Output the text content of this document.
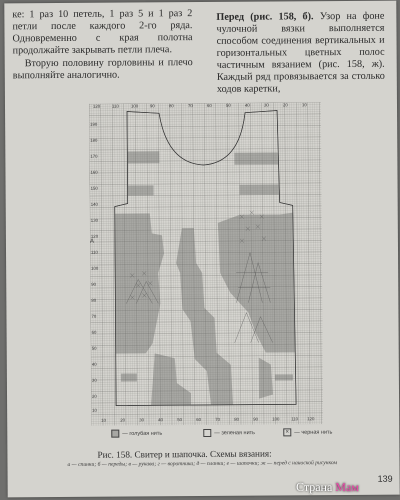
ке: 1 раз 10 петель, 1 раз 5 и 1 раз 2 петли после каждого 2-го ряда. Одновременно с края полотна продолжайте закрывать петли плеча.

Вторую половину горловины и плечо выполняйте аналогично.

Перед (рис. 158, б). Узор на фоне чулочной вязки выполняется способом соединения вертикальных и горизонтальных цветных полос частичным вязанием (рис. 158, ж). Каждый ряд провязывается за столько ходов каретки,

120	110	100	90	80	70	60	50	40	30	20	10
190
180
170
160
150
140
130
120
110
100
90
80
70
60
50
40
30
20
10
10	20	30	40	50	60	70	80	90	100	110 120
A
— голубая нить	— зеленая нить	× — черная нить
Рис. 158. Свитер и шапочка. Схемы вязания:
а — спинки; б — переды; в — рукава; г — воротника; д — планки; е — шапочки; ж — перед с наноской рисунком
139
Страна Мам
